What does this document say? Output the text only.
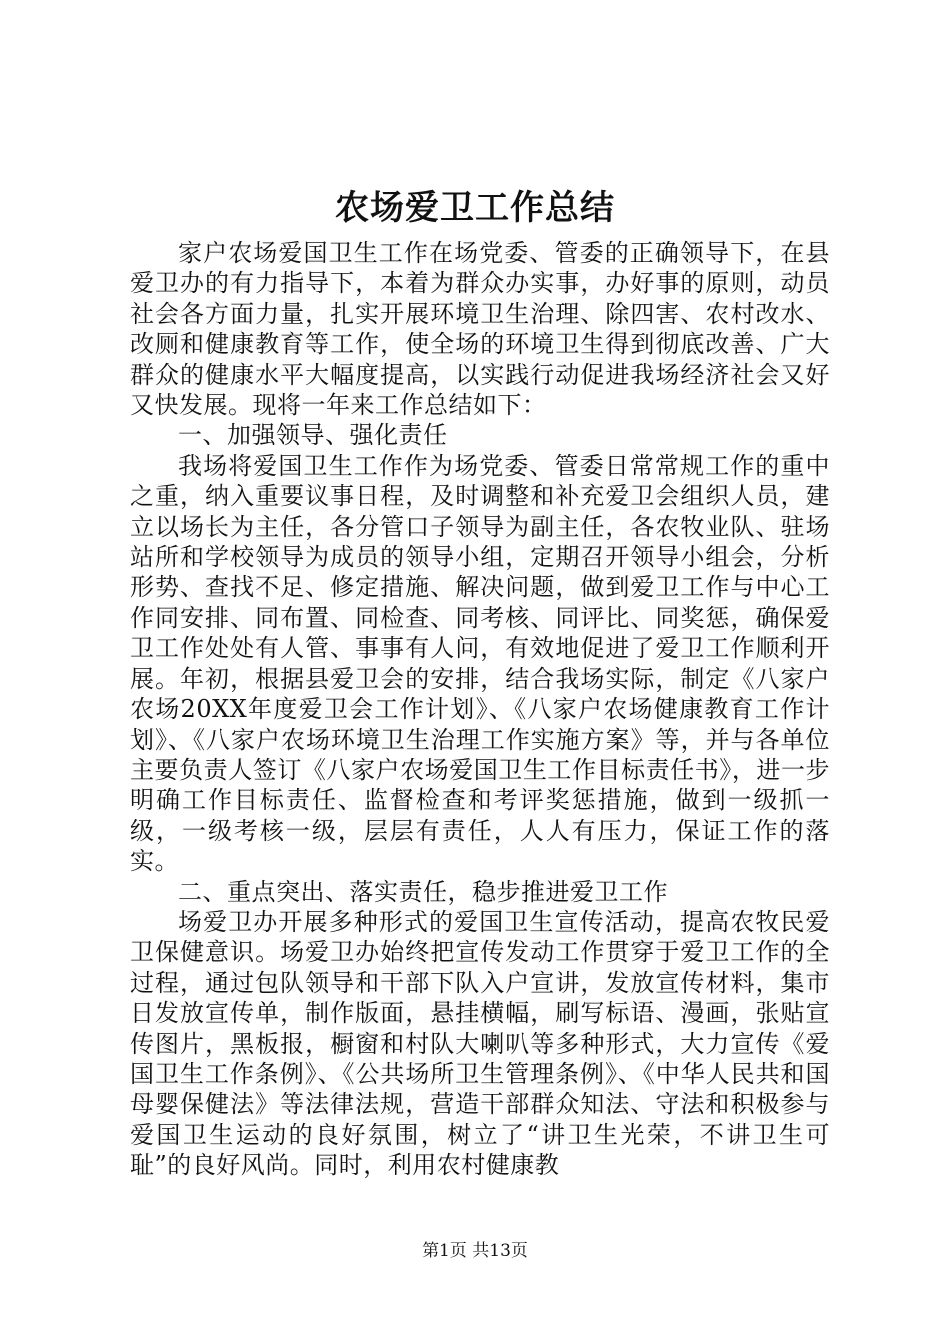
农场爱卫工作总结

家户农场爱国卫生工作在场党委、管委的正确领导下，在县爱卫办的有力指导下，本着为群众办实事，办好事的原则，动员社会各方面力量，扎实开展环境卫生治理、除四害、农村改水、改厕和健康教育等工作，使全场的环境卫生得到彻底改善、广大群众的健康水平大幅度提高，以实践行动促进我场经济社会又好又快发展。现将一年来工作总结如下：

一、加强领导、强化责任

我场将爱国卫生工作作为场党委、管委日常常规工作的重中之重，纳入重要议事日程，及时调整和补充爱卫会组织人员，建立以场长为主任，各分管口子领导为副主任，各农牧业队、驻场站所和学校领导为成员的领导小组，定期召开领导小组会，分析形势、查找不足、修定措施、解决问题，做到爱卫工作与中心工作同安排、同布置、同检查、同考核、同评比、同奖惩，确保爱卫工作处处有人管、事事有人问，有效地促进了爱卫工作顺利开展。年初，根据县爱卫会的安排，结合我场实际，制定《八家户农场20XX年度爱卫会工作计划》、《八家户农场健康教育工作计划》、《八家户农场环境卫生治理工作实施方案》等，并与各单位主要负责人签订《八家户农场爱国卫生工作目标责任书》，进一步明确工作目标责任、监督检查和考评奖惩措施，做到一级抓一级，一级考核一级，层层有责任，人人有压力，保证工作的落实。

二、重点突出、落实责任，稳步推进爱卫工作

场爱卫办开展多种形式的爱国卫生宣传活动，提高农牧民爱卫保健意识。场爱卫办始终把宣传发动工作贯穿于爱卫工作的全过程，通过包队领导和干部下队入户宣讲，发放宣传材料，集市日发放宣传单，制作版面，悬挂横幅，刷写标语、漫画，张贴宣传图片，黑板报，橱窗和村队大喇叭等多种形式，大力宣传《爱国卫生工作条例》、《公共场所卫生管理条例》、《中华人民共和国母婴保健法》等法律法规，营造干部群众知法、守法和积极参与爱国卫生运动的良好氛围，树立了“讲卫生光荣，不讲卫生可耻”的良好风尚。同时，利用农村健康教

第1页 共13页
